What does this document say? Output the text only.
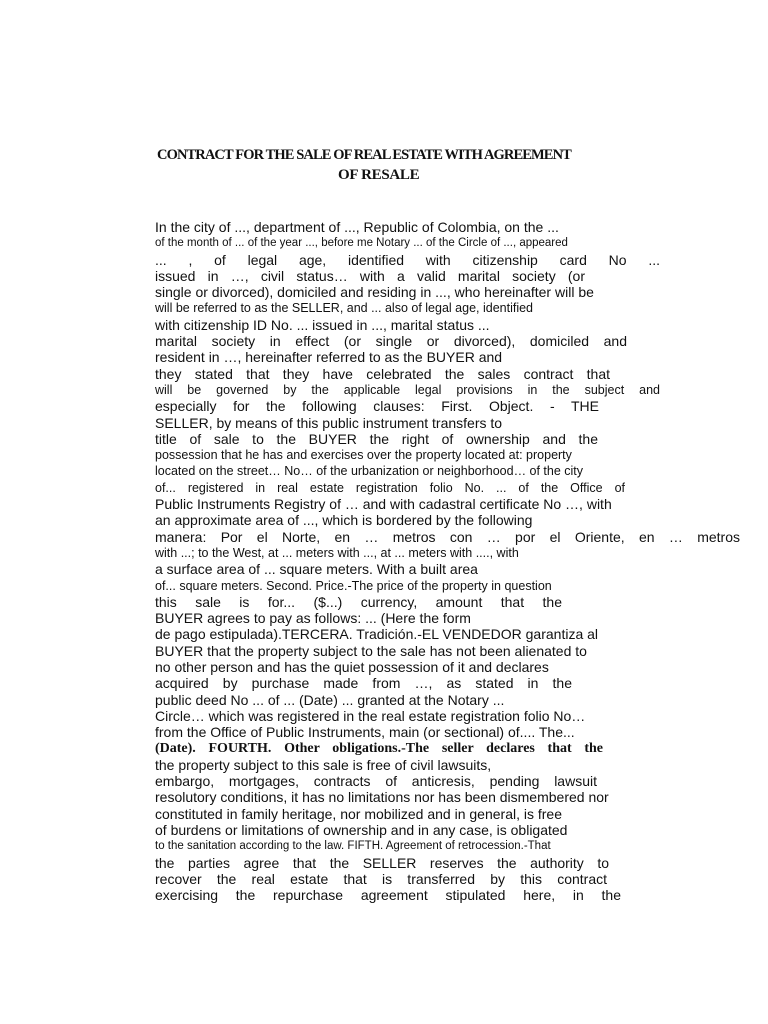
CONTRACT FOR THE SALE OF REAL ESTATE WITH AGREEMENT
OF RESALE
In the city of ..., department of ..., Republic of Colombia, on the ...
of the month of ... of the year ..., before me Notary ... of the Circle of ..., appeared
... , of legal age, identified with citizenship card No ...
issued in …, civil status… with a valid marital society (or
single or divorced), domiciled and residing in ..., who hereinafter will be
will be referred to as the SELLER, and ... also of legal age, identified
with citizenship ID No. ... issued in ..., marital status ...
marital society in effect (or single or divorced), domiciled and
resident in …, hereinafter referred to as the BUYER and
they stated that they have celebrated the sales contract that
will be governed by the applicable legal provisions in the subject and
especially for the following clauses: First. Object. - THE
SELLER, by means of this public instrument transfers to
title of sale to the BUYER the right of ownership and the
possession that he has and exercises over the property located at: property
located on the street… No… of the urbanization or neighborhood… of the city
of... registered in real estate registration folio No. ... of the Office of
Public Instruments Registry of … and with cadastral certificate No …, with
an approximate area of ..., which is bordered by the following
manera: Por el Norte, en … metros con … por el Oriente, en … metros
with ...; to the West, at ... meters with ..., at ... meters with ...., with
a surface area of ... square meters. With a built area
of... square meters. Second. Price.-The price of the property in question
this sale is for... ($...) currency, amount that the
BUYER agrees to pay as follows: ... (Here the form
de pago estipulada).TERCERA. Tradición.-EL VENDEDOR garantiza al
BUYER that the property subject to the sale has not been alienated to
no other person and has the quiet possession of it and declares
acquired by purchase made from …, as stated in the
public deed No ... of ... (Date) ... granted at the Notary ...
Circle… which was registered in the real estate registration folio No…
from the Office of Public Instruments, main (or sectional) of.... The...
(Date). FOURTH. Other obligations.-The seller declares that the
the property subject to this sale is free of civil lawsuits,
embargo, mortgages, contracts of anticresis, pending lawsuit
resolutory conditions, it has no limitations nor has been dismembered nor
constituted in family heritage, nor mobilized and in general, is free
of burdens or limitations of ownership and in any case, is obligated
to the sanitation according to the law. FIFTH. Agreement of retrocession.-That
the parties agree that the SELLER reserves the authority to
recover the real estate that is transferred by this contract
exercising the repurchase agreement stipulated here, in the
